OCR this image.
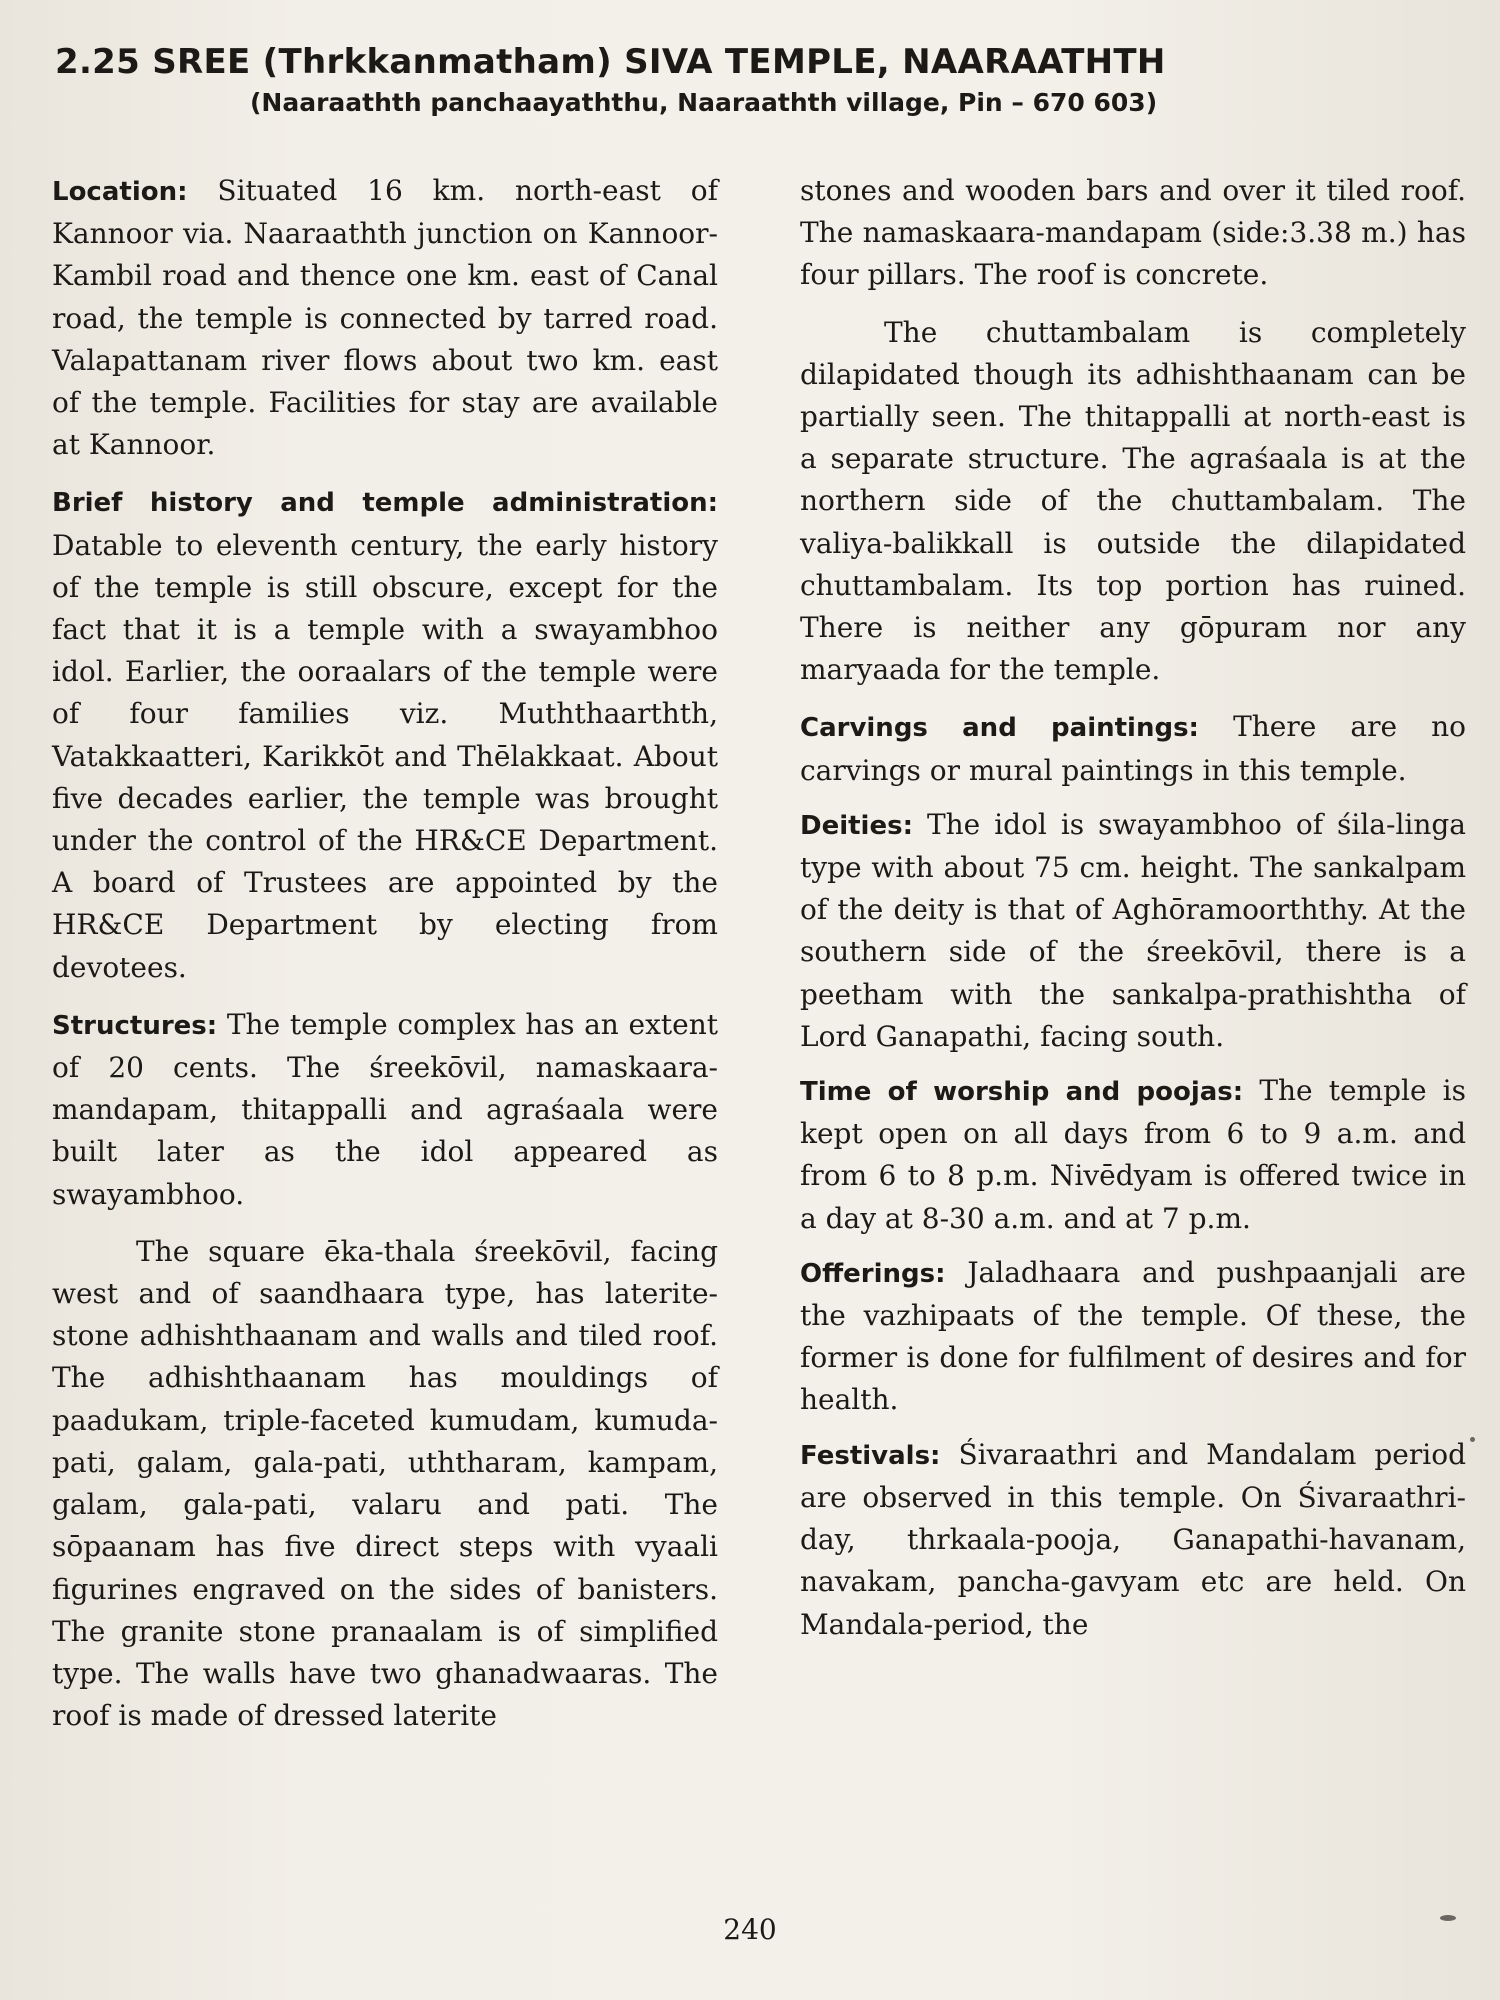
2.25 SREE (Thrkkanmatham) SIVA TEMPLE, NAARAATHTH
(Naaraathth panchaayaththu, Naaraathth village, Pin – 670 603)

Location: Situated 16 km. north-east of Kannoor via. Naaraathth junction on Kannoor-Kambil road and thence one km. east of Canal road, the temple is connected by tarred road. Valapattanam river flows about two km. east of the temple. Facilities for stay are available at Kannoor.

Brief history and temple administration: Datable to eleventh century, the early history of the temple is still obscure, except for the fact that it is a temple with a swayambhoo idol. Earlier, the ooraalars of the temple were of four families viz. Muththaarthth, Vatakkaatteri, Karikkōt and Thēlakkaat. About five decades earlier, the temple was brought under the control of the HR&CE Department. A board of Trustees are appointed by the HR&CE Department by electing from devotees.

Structures: The temple complex has an extent of 20 cents. The śreekōvil, namaskaara-mandapam, thitappalli and agraśaala were built later as the idol appeared as swayambhoo.

The square ēka-thala śreekōvil, facing west and of saandhaara type, has laterite-stone adhishthaanam and walls and tiled roof. The adhishthaanam has mouldings of paadukam, triple-faceted kumudam, kumuda-pati, galam, gala-pati, uththaram, kampam, galam, gala-pati, valaru and pati. The sōpaanam has five direct steps with vyaali figurines engraved on the sides of banisters. The granite stone pranaalam is of simplified type. The walls have two ghanadwaaras. The roof is made of dressed laterite

stones and wooden bars and over it tiled roof. The namaskaara-mandapam (side:3.38 m.) has four pillars. The roof is concrete.

The chuttambalam is completely dilapidated though its adhishthaanam can be partially seen. The thitappalli at north-east is a separate structure. The agraśaala is at the northern side of the chuttambalam. The valiya-balikkall is outside the dilapidated chuttambalam. Its top portion has ruined. There is neither any gōpuram nor any maryaada for the temple.

Carvings and paintings: There are no carvings or mural paintings in this temple.

Deities: The idol is swayambhoo of śila-linga type with about 75 cm. height. The sankalpam of the deity is that of Aghōramoorththy. At the southern side of the śreekōvil, there is a peetham with the sankalpa-prathishtha of Lord Ganapathi, facing south.

Time of worship and poojas: The temple is kept open on all days from 6 to 9 a.m. and from 6 to 8 p.m. Nivēdyam is offered twice in a day at 8-30 a.m. and at 7 p.m.

Offerings: Jaladhaara and pushpaanjali are the vazhipaats of the temple. Of these, the former is done for fulfilment of desires and for health.

Festivals: Śivaraathri and Mandalam period are observed in this temple. On Śivaraathri-day, thrkaala-pooja, Ganapathi-havanam, navakam, pancha-gavyam etc are held. On Mandala-period, the

240
